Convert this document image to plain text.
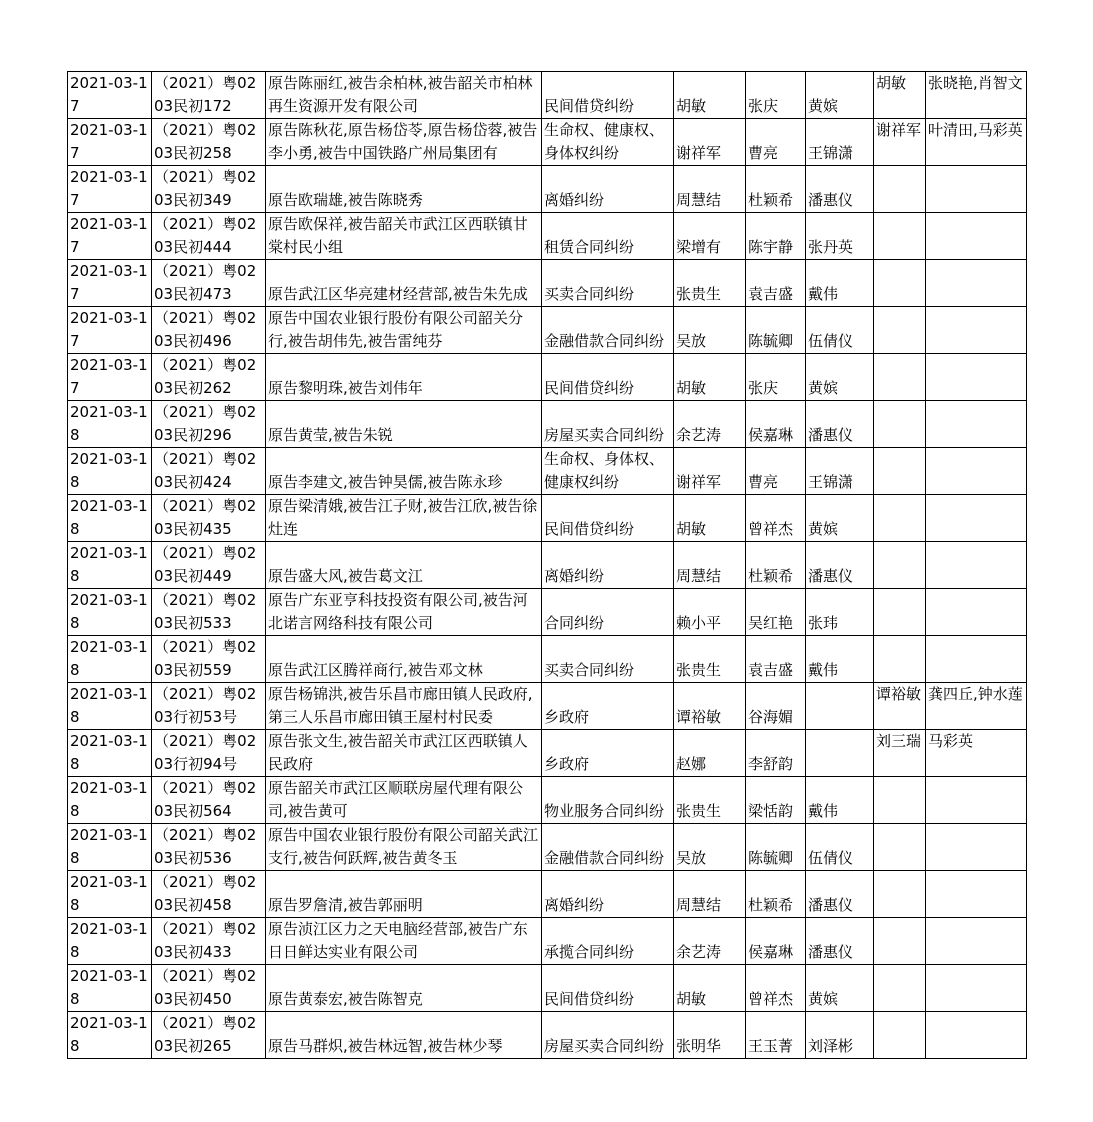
2021-03-17	（2021）粤0203民初172	原告陈丽红,被告余柏林,被告韶关市柏林再生资源开发有限公司	民间借贷纠纷	胡敏	张庆	黄嫔	胡敏	张晓艳,肖智文

2021-03-17	（2021）粤0203民初258	原告陈秋花,原告杨岱苓,原告杨岱蓉,被告李小勇,被告中国铁路广州局集团有	生命权、健康权、身体权纠纷	谢祥军	曹亮	王锦潇	谢祥军	叶清田,马彩英

2021-03-17	（2021）粤0203民初349	原告欧瑞雄,被告陈晓秀	离婚纠纷	周慧结	杜颖希	潘惠仪		

2021-03-17	（2021）粤0203民初444	原告欧保祥,被告韶关市武江区西联镇甘棠村民小组	租赁合同纠纷	梁增有	陈宇静	张丹英		

2021-03-17	（2021）粤0203民初473	原告武江区华亮建材经营部,被告朱先成	买卖合同纠纷	张贵生	袁吉盛	戴伟		

2021-03-17	（2021）粤0203民初496	原告中国农业银行股份有限公司韶关分行,被告胡伟先,被告雷纯芬	金融借款合同纠纷	吴放	陈毓卿	伍倩仪		

2021-03-17	（2021）粤0203民初262	原告黎明珠,被告刘伟年	民间借贷纠纷	胡敏	张庆	黄嫔		

2021-03-18	（2021）粤0203民初296	原告黄莹,被告朱锐	房屋买卖合同纠纷	余艺涛	侯嘉琳	潘惠仪		

2021-03-18	（2021）粤0203民初424	原告李建文,被告钟昊儒,被告陈永珍	生命权、身体权、健康权纠纷	谢祥军	曹亮	王锦潇		

2021-03-18	（2021）粤0203民初435	原告梁清娥,被告江子财,被告江欣,被告徐灶连	民间借贷纠纷	胡敏	曾祥杰	黄嫔		

2021-03-18	（2021）粤0203民初449	原告盛大风,被告葛文江	离婚纠纷	周慧结	杜颖希	潘惠仪		

2021-03-18	（2021）粤0203民初533	原告广东亚亨科技投资有限公司,被告河北诺言网络科技有限公司	合同纠纷	赖小平	吴红艳	张玮		

2021-03-18	（2021）粤0203民初559	原告武江区腾祥商行,被告邓文林	买卖合同纠纷	张贵生	袁吉盛	戴伟		

2021-03-18	（2021）粤0203行初53号	原告杨锦洪,被告乐昌市廊田镇人民政府,第三人乐昌市廊田镇王屋村村民委	乡政府	谭裕敏	谷海媚		谭裕敏	龚四丘,钟水莲

2021-03-18	（2021）粤0203行初94号	原告张文生,被告韶关市武江区西联镇人民政府	乡政府	赵娜	李舒韵		刘三瑞	马彩英

2021-03-18	（2021）粤0203民初564	原告韶关市武江区顺联房屋代理有限公司,被告黄可	物业服务合同纠纷	张贵生	梁恬韵	戴伟		

2021-03-18	（2021）粤0203民初536	原告中国农业银行股份有限公司韶关武江支行,被告何跃辉,被告黄冬玉	金融借款合同纠纷	吴放	陈毓卿	伍倩仪		

2021-03-18	（2021）粤0203民初458	原告罗詹清,被告郭丽明	离婚纠纷	周慧结	杜颖希	潘惠仪		

2021-03-18	（2021）粤0203民初433	原告浈江区力之天电脑经营部,被告广东日日鲜达实业有限公司	承揽合同纠纷	余艺涛	侯嘉琳	潘惠仪		

2021-03-18	（2021）粤0203民初450	原告黄泰宏,被告陈智克	民间借贷纠纷	胡敏	曾祥杰	黄嫔		

2021-03-18	（2021）粤0203民初265	原告马群炽,被告林远智,被告林少琴	房屋买卖合同纠纷	张明华	王玉菁	刘泽彬		
